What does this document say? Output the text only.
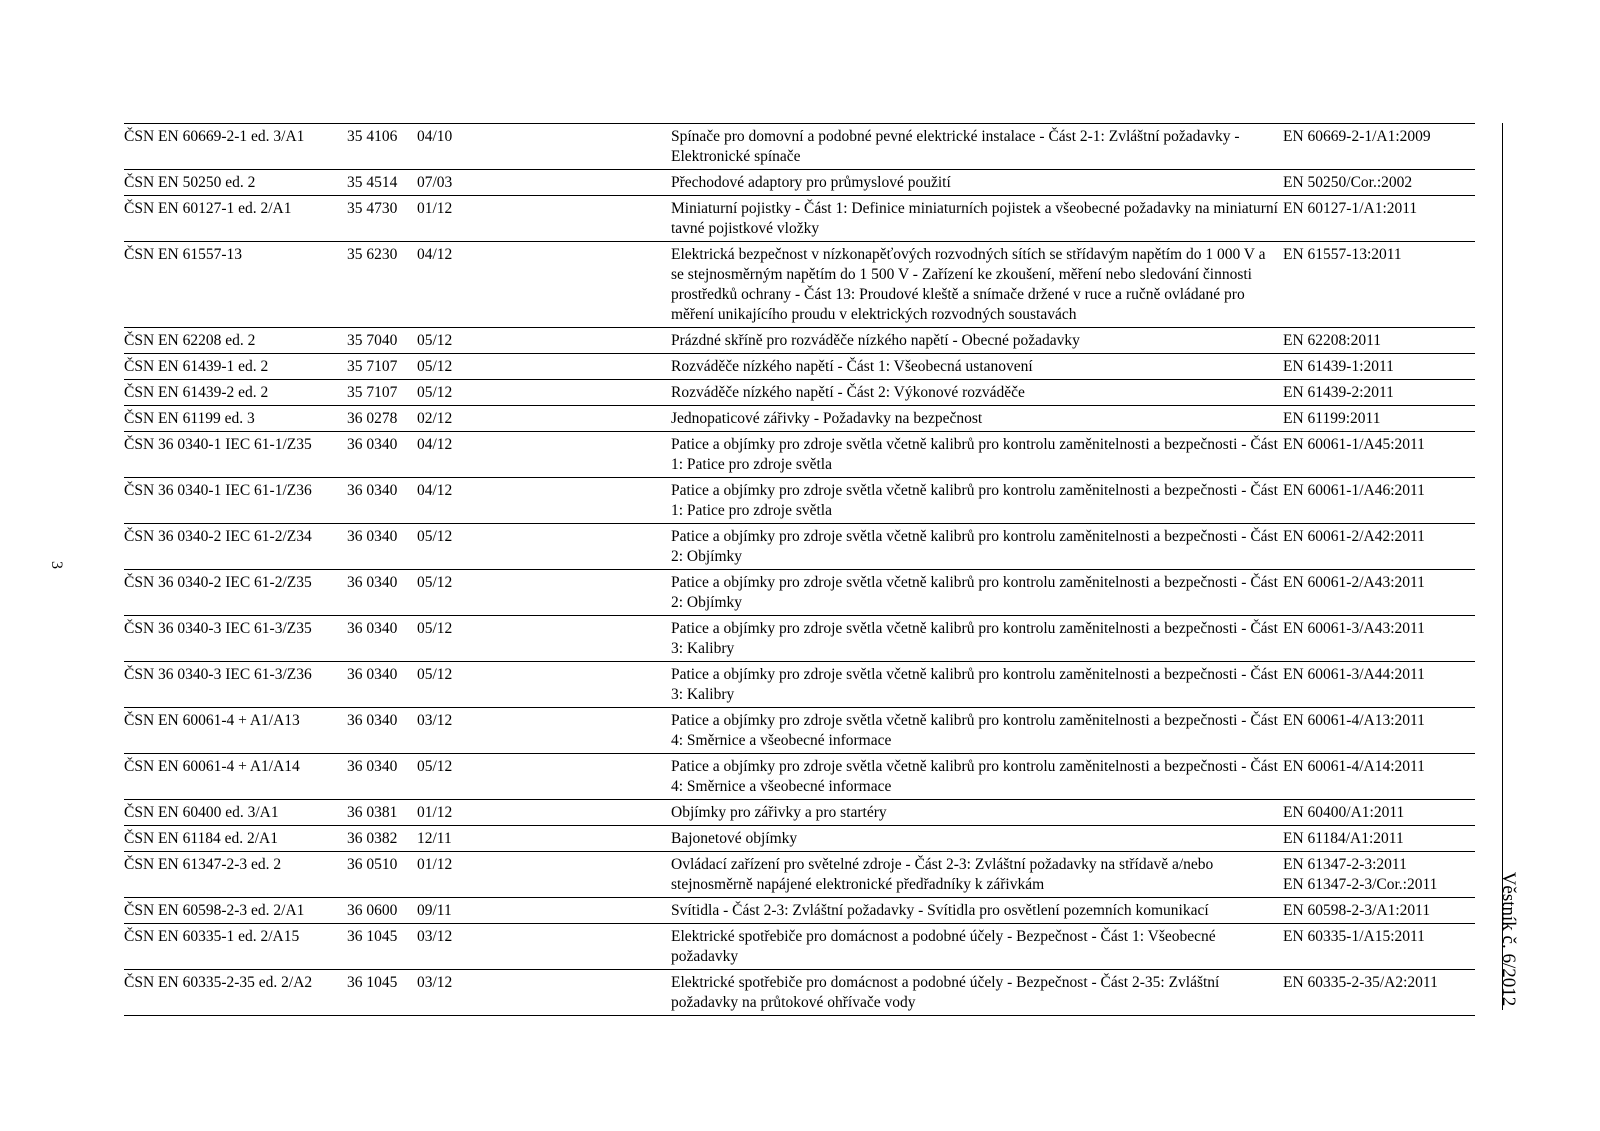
3
ČSN EN 60669-2-1 ed. 3/A1	35 4106	04/10	Spínače pro domovní a podobné pevné elektrické instalace - Část 2-1: Zvláštní požadavky - Elektronické spínače	EN 60669-2-1/A1:2009

ČSN EN 50250 ed. 2	35 4514	07/03	Přechodové adaptory pro průmyslové použití	EN 50250/Cor.:2002

ČSN EN 60127-1 ed. 2/A1	35 4730	01/12	Miniaturní pojistky - Část 1: Definice miniaturních pojistek a všeobecné požadavky na miniaturní tavné pojistkové vložky	EN 60127-1/A1:2011

ČSN EN 61557-13	35 6230	04/12	Elektrická bezpečnost v nízkonapěťových rozvodných sítích se střídavým napětím do 1 000 V a se stejnosměrným napětím do 1 500 V - Zařízení ke zkoušení, měření nebo sledování činnosti prostředků ochrany - Část 13: Proudové kleště a snímače držené v ruce a ručně ovládané pro měření unikajícího proudu v elektrických rozvodných soustavách	EN 61557-13:2011

ČSN EN 62208 ed. 2	35 7040	05/12	Prázdné skříně pro rozváděče nízkého napětí - Obecné požadavky	EN 62208:2011

ČSN EN 61439-1 ed. 2	35 7107	05/12	Rozváděče nízkého napětí - Část 1: Všeobecná ustanovení	EN 61439-1:2011

ČSN EN 61439-2 ed. 2	35 7107	05/12	Rozváděče nízkého napětí - Část 2: Výkonové rozváděče	EN 61439-2:2011

ČSN EN 61199 ed. 3	36 0278	02/12	Jednopaticové zářivky - Požadavky na bezpečnost	EN 61199:2011

ČSN 36 0340-1 IEC 61-1/Z35	36 0340	04/12	Patice a objímky pro zdroje světla včetně kalibrů pro kontrolu zaměnitelnosti a bezpečnosti - Část 1: Patice pro zdroje světla	EN 60061-1/A45:2011

ČSN 36 0340-1 IEC 61-1/Z36	36 0340	04/12	Patice a objímky pro zdroje světla včetně kalibrů pro kontrolu zaměnitelnosti a bezpečnosti - Část 1: Patice pro zdroje světla	EN 60061-1/A46:2011

ČSN 36 0340-2 IEC 61-2/Z34	36 0340	05/12	Patice a objímky pro zdroje světla včetně kalibrů pro kontrolu zaměnitelnosti a bezpečnosti - Část 2: Objímky	EN 60061-2/A42:2011

ČSN 36 0340-2 IEC 61-2/Z35	36 0340	05/12	Patice a objímky pro zdroje světla včetně kalibrů pro kontrolu zaměnitelnosti a bezpečnosti - Část 2: Objímky	EN 60061-2/A43:2011

ČSN 36 0340-3 IEC 61-3/Z35	36 0340	05/12	Patice a objímky pro zdroje světla včetně kalibrů pro kontrolu zaměnitelnosti a bezpečnosti - Část 3: Kalibry	EN 60061-3/A43:2011

ČSN 36 0340-3 IEC 61-3/Z36	36 0340	05/12	Patice a objímky pro zdroje světla včetně kalibrů pro kontrolu zaměnitelnosti a bezpečnosti - Část 3: Kalibry	EN 60061-3/A44:2011

ČSN EN 60061-4 + A1/A13	36 0340	03/12	Patice a objímky pro zdroje světla včetně kalibrů pro kontrolu zaměnitelnosti a bezpečnosti - Část 4: Směrnice a všeobecné informace	EN 60061-4/A13:2011

ČSN EN 60061-4 + A1/A14	36 0340	05/12	Patice a objímky pro zdroje světla včetně kalibrů pro kontrolu zaměnitelnosti a bezpečnosti - Část 4: Směrnice a všeobecné informace	EN 60061-4/A14:2011

ČSN EN 60400 ed. 3/A1	36 0381	01/12	Objímky pro zářivky a pro startéry	EN 60400/A1:2011

ČSN EN 61184 ed. 2/A1	36 0382	12/11	Bajonetové objímky	EN 61184/A1:2011

ČSN EN 61347-2-3 ed. 2	36 0510	01/12	Ovládací zařízení pro světelné zdroje - Část 2-3: Zvláštní požadavky na střídavě a/nebo stejnosměrně napájené elektronické předřadníky k zářivkám	EN 61347-2-3:2011
EN 61347-2-3/Cor.:2011

ČSN EN 60598-2-3 ed. 2/A1	36 0600	09/11	Svítidla - Část 2-3: Zvláštní požadavky - Svítidla pro osvětlení pozemních komunikací	EN 60598-2-3/A1:2011

ČSN EN 60335-1 ed. 2/A15	36 1045	03/12	Elektrické spotřebiče pro domácnost a podobné účely - Bezpečnost - Část 1: Všeobecné požadavky	EN 60335-1/A15:2011

ČSN EN 60335-2-35 ed. 2/A2	36 1045	03/12	Elektrické spotřebiče pro domácnost a podobné účely - Bezpečnost - Část 2-35: Zvláštní požadavky na průtokové ohřívače vody	EN 60335-2-35/A2:2011	Věstník č. 6/2012
